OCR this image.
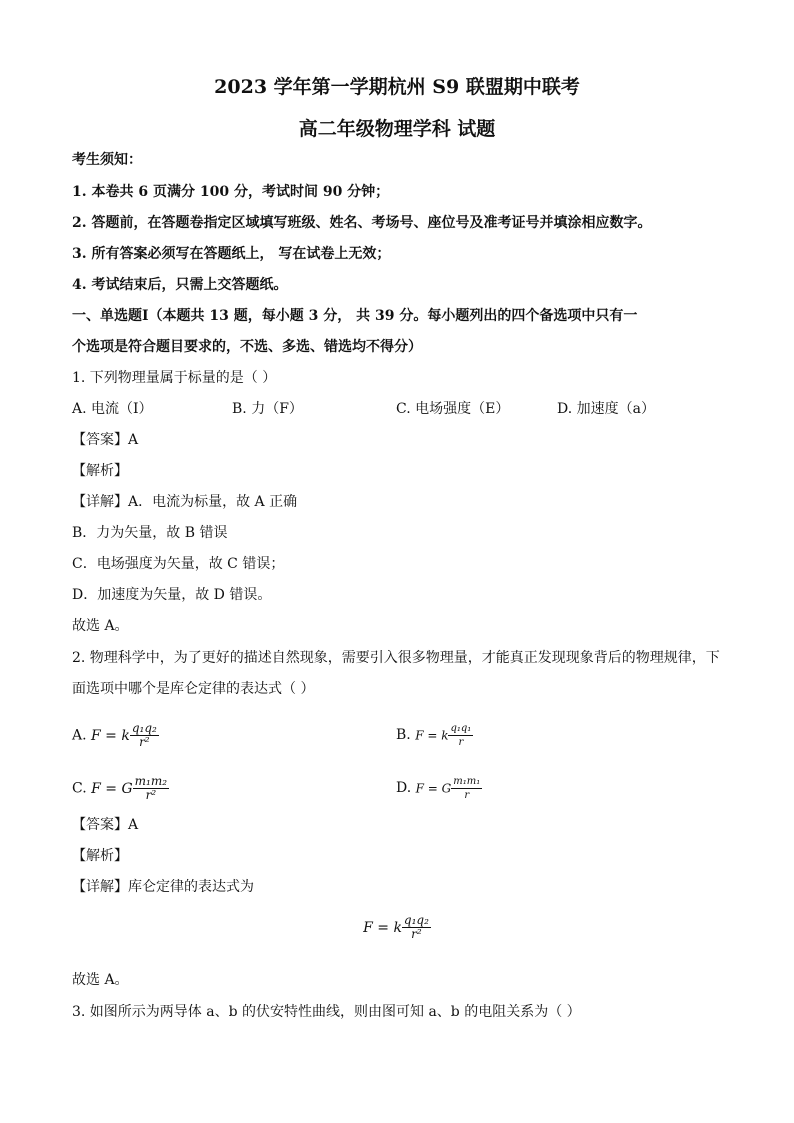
2023 学年第一学期杭州 S9 联盟期中联考
高二年级物理学科 试题
考生须知：
1. 本卷共 6 页满分 100 分，考试时间 90 分钟；
2. 答题前，在答题卷指定区域填写班级、姓名、考场号、座位号及准考证号并填涂相应数字。
3. 所有答案必须写在答题纸上， 写在试卷上无效；
4. 考试结束后，只需上交答题纸。
一、单选题Ⅰ（本题共 13 题，每小题 3 分， 共 39 分。每小题列出的四个备选项中只有一
个选项是符合题目要求的，不选、多选、错选均不得分）
1. 下列物理量属于标量的是（ ）
A. 电流（I）	B. 力（F）	C. 电场强度（E）	D. 加速度（a）
【答案】A
【解析】
【详解】A．电流为标量，故 A 正确
B．力为矢量，故 B 错误
C．电场强度为矢量，故 C 错误；
D．加速度为矢量，故 D 错误。
故选 A。
2. 物理科学中，为了更好的描述自然现象，需要引入很多物理量，才能真正发现现象背后的物理规律，下
面选项中哪个是库仑定律的表达式（ ）
A. F = k $\frac{\text{q₁q₂}}{\text{r²}}$	B. F = k $\frac{\text{q₁q₁}}{r}$
C. F = G $\frac{\text{m₁m₂}}{\text{r²}}$	D. F = G $\frac{\text{m₁m₁}}{r}$
【答案】A
【解析】
【详解】库仑定律的表达式为
F = k $\frac{\text{q₁q₂}}{\text{r²}}$
故选 A。
3. 如图所示为两导体 a、b 的伏安特性曲线，则由图可知 a、b 的电阻关系为（ ）
